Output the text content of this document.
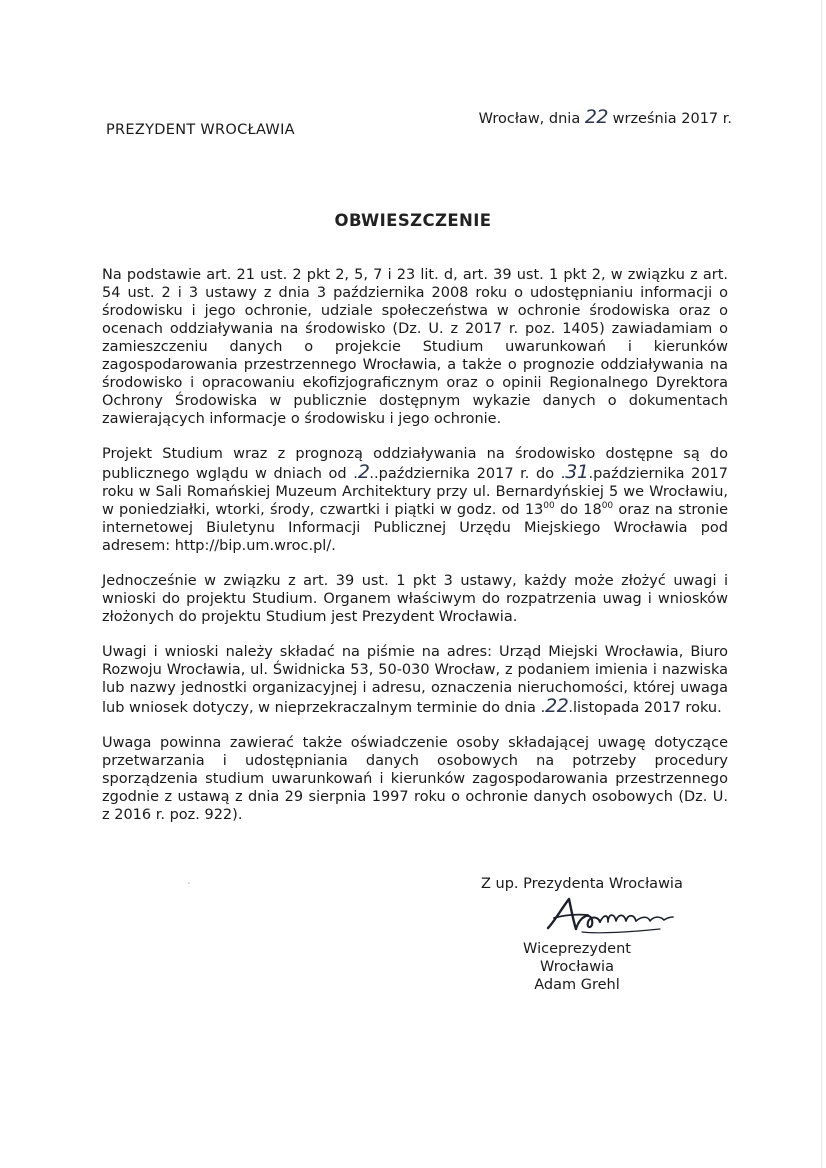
Wrocław, dnia 22 września 2017 r.
PREZYDENT WROCŁAWIA
OBWIESZCZENIE

Na podstawie art. 21 ust. 2 pkt 2, 5, 7 i 23 lit. d, art. 39 ust. 1 pkt 2, w związku z art. 54 ust. 2 i 3 ustawy z dnia 3 października 2008 roku o udostępnianiu informacji o środowisku i jego ochronie, udziale społeczeństwa w ochronie środowiska oraz o ocenach oddziaływania na środowisko (Dz. U. z 2017 r. poz. 1405) zawiadamiam o zamieszczeniu danych o projekcie Studium uwarunkowań i kierunków zagospodarowania przestrzennego Wrocławia, a także o prognozie oddziaływania na środowisko i opracowaniu ekofizjograficznym oraz o opinii Regionalnego Dyrektora Ochrony Środowiska w publicznie dostępnym wykazie danych o dokumentach zawierających informacje o środowisku i jego ochronie.

Projekt Studium wraz z prognozą oddziaływania na środowisko dostępne są do publicznego wglądu w dniach od .2..października 2017 r. do .31.października 2017 roku w Sali Romańskiej Muzeum Architektury przy ul. Bernardyńskiej 5 we Wrocławiu, w poniedziałki, wtorki, środy, czwartki i piątki w godz. od $13^{00}$ do $18^{00}$ oraz na stronie internetowej Biuletynu Informacji Publicznej Urzędu Miejskiego Wrocławia pod adresem: http://bip.um.wroc.pl/.

Jednocześnie w związku z art. 39 ust. 1 pkt 3 ustawy, każdy może złożyć uwagi i wnioski do projektu Studium. Organem właściwym do rozpatrzenia uwag i wniosków złożonych do projektu Studium jest Prezydent Wrocławia.

Uwagi i wnioski należy składać na piśmie na adres: Urząd Miejski Wrocławia, Biuro Rozwoju Wrocławia, ul. Świdnicka 53, 50-030 Wrocław, z podaniem imienia i nazwiska lub nazwy jednostki organizacyjnej i adresu, oznaczenia nieruchomości, której uwaga lub wniosek dotyczy, w nieprzekraczalnym terminie do dnia .22.listopada 2017 roku.

Uwaga powinna zawierać także oświadczenie osoby składającej uwagę dotyczące przetwarzania i udostępniania danych osobowych na potrzeby procedury sporządzenia studium uwarunkowań i kierunków zagospodarowania przestrzennego zgodnie z ustawą z dnia 29 sierpnia 1997 roku o ochronie danych osobowych (Dz. U. z 2016 r. poz. 922).

Z up. Prezydenta Wrocławia
Wiceprezydent Wrocławia
Adam Grehl
